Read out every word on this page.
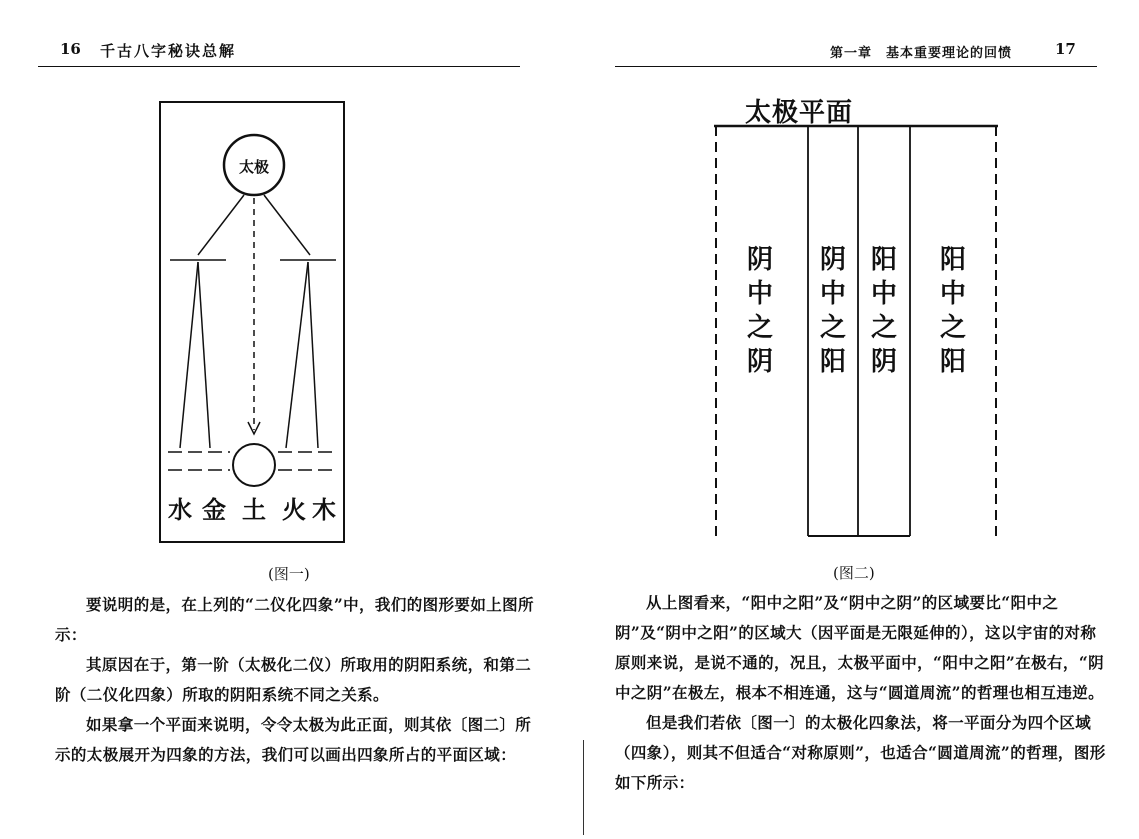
16 千古八字秘诀总解
太极
水 金 土 火 木
(图一)

要说明的是，在上列的“二仪化四象”中，我们的图形要如上图所示：

其原因在于，第一阶（太极化二仪）所取用的阴阳系统，和第二阶（二仪化四象）所取的阴阳系统不同之关系。

如果拿一个平面来说明，令令太极为此正面，则其依〔图二〕所示的太极展开为四象的方法，我们可以画出四象所占的平面区域：

第一章　基本重要理论的回愤	17
太极平面
阴
中
之
阴
阴
中
之
阳
阳
中
之
阴
阳
中
之
阳
(图二)

从上图看来，“阳中之阳”及“阴中之阴”的区域要比“阳中之阴”及“阴中之阳”的区域大（因平面是无限延伸的），这以宇宙的对称原则来说，是说不通的，况且，太极平面中，“阳中之阳”在极右，“阴中之阴”在极左，根本不相连通，这与“圆道周流”的哲理也相互违逆。

但是我们若依〔图一〕的太极化四象法，将一平面分为四个区域（四象），则其不但适合“对称原则”，也适合“圆道周流”的哲理，图形如下所示：
